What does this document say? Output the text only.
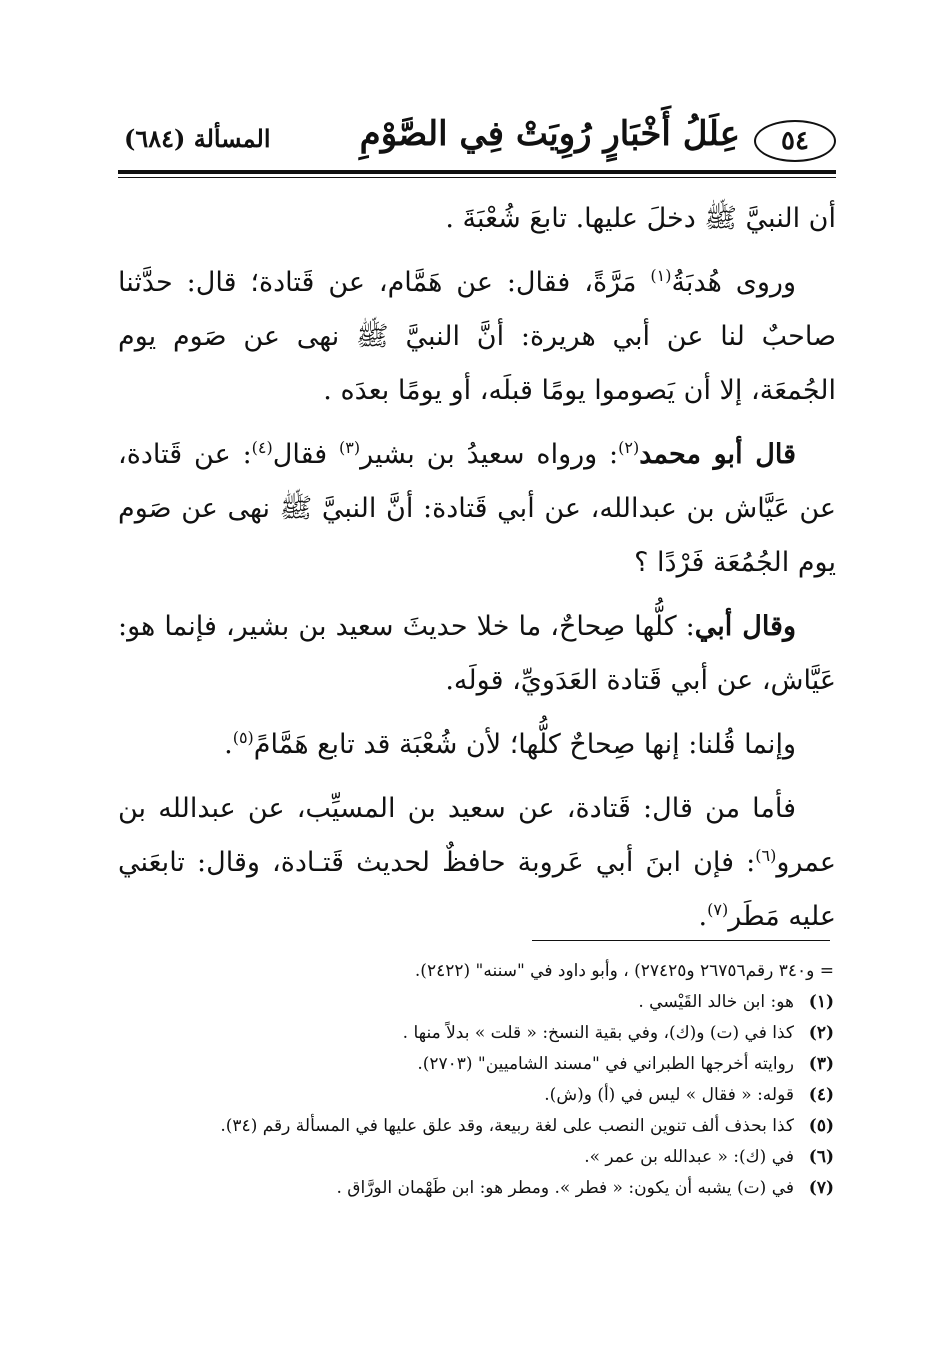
٥٤
عِلَلُ أَخْبَارٍ رُوِيَتْ فِي الصَّوْمِ
المسألة (٦٨٤)

أن النبيَّ ﷺ دخلَ عليها. تابعَ شُعْبَةَ .

وروى هُدبَةُ$^{(١)}$ مَرَّةً، فقال: عن هَمَّام، عن قَتادة؛ قال: حدَّثنا صاحبٌ لنا عن أبي هريرة: أنَّ النبيَّ ﷺ نهى عن صَوم يوم الجُمعَة، إلا أن يَصوموا يومًا قبلَه، أو يومًا بعدَه .

قال أبو محمد$^{(٢)}$: ورواه سعيدُ بن بشير$^{(٣)}$ فقال$^{(٤)}$: عن قَتادة، عن عَيَّاش بن عبدالله، عن أبي قَتادة: أنَّ النبيَّ ﷺ نهى عن صَوم يوم الجُمُعَة فَرْدًا ؟

وقال أبي: كلُّها صِحاحٌ، ما خلا حديثَ سعيد بن بشير، فإنما هو: عَيَّاش، عن أبي قَتادة العَدَويِّ، قولَه.

وإنما قُلنا: إنها صِحاحٌ كلُّها؛ لأن شُعْبَة قد تابع هَمَّامً$^{(٥)}$.

فأما من قال: قَتادة، عن سعيد بن المسيِّب، عن عبدالله بن عمرو$^{(٦)}$: فإن ابنَ أبي عَروبة حافظٌ لحديث قَتـادة، وقال: تابعَني عليه مَطَر$^{(٧)}$.

= و٣٤٠ رقم٢٦٧٥٦ و٢٧٤٢٥) ، وأبو داود في "سننه" (٢٤٢٢).
(١)
هو: ابن خالد القَيْسي .
(٢)
كذا في (ت) و(ك)، وفي بقية النسخ: « قلت » بدلاً منها .
(٣)
روايته أخرجها الطبراني في "مسند الشاميين" (٢٧٠٣).
(٤)
قوله: « فقال » ليس في (أ) و(ش).
(٥)
كذا بحذف ألف تنوين النصب على لغة ربيعة، وقد علق عليها في المسألة رقم (٣٤).
(٦)
في (ك): « عبدالله بن عمر ».
(٧)
في (ت) يشبه أن يكون: « فطر ». ومطر هو: ابن طَهْمان الورَّاق .
